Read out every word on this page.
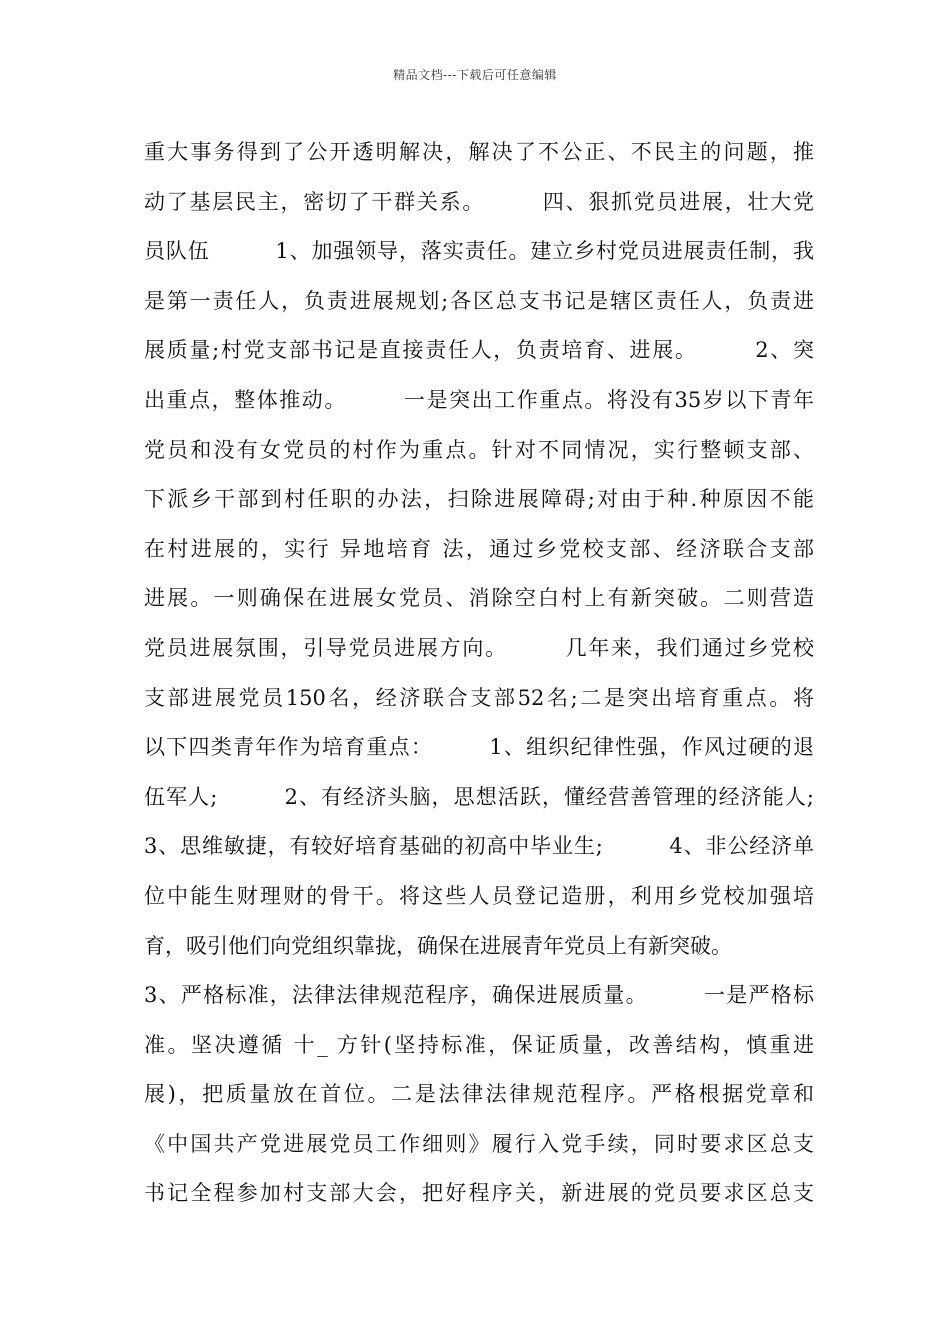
精品文档---下载后可任意编辑
重大事务得到了公开透明解决，解决了不公正、不民主的问题，推
动了基层民主，密切了干群关系。　　　四、狠抓党员进展，壮大党
员队伍　　　1、加强领导，落实责任。建立乡村党员进展责任制，我
是第一责任人，负责进展规划;各区总支书记是辖区责任人，负责进
展质量;村党支部书记是直接责任人，负责培育、进展。　　　2、突
出重点，整体推动。　　　一是突出工作重点。将没有35岁以下青年
党员和没有女党员的村作为重点。针对不同情况，实行整顿支部、
下派乡干部到村任职的办法，扫除进展障碍;对由于种.种原因不能
在村进展的，实行 异地培育 法，通过乡党校支部、经济联合支部
进展。一则确保在进展女党员、消除空白村上有新突破。二则营造
党员进展氛围，引导党员进展方向。　　　几年来，我们通过乡党校
支部进展党员150名，经济联合支部52名;二是突出培育重点。将
以下四类青年作为培育重点：　　　1、组织纪律性强，作风过硬的退
伍军人;　　　2、有经济头脑，思想活跃，懂经营善管理的经济能人;
3、思维敏捷，有较好培育基础的初高中毕业生;　　　4、非公经济单
位中能生财理财的骨干。将这些人员登记造册，利用乡党校加强培
育，吸引他们向党组织靠拢，确保在进展青年党员上有新突破。
3、严格标准，法律法律规范程序，确保进展质量。　　　一是严格标
准。坚决遵循 十_ 方针(坚持标准，保证质量，改善结构，慎重进
展)，把质量放在首位。二是法律法律规范程序。严格根据党章和
《中国共产党进展党员工作细则》履行入党手续，同时要求区总支
书记全程参加村支部大会，把好程序关，新进展的党员要求区总支
